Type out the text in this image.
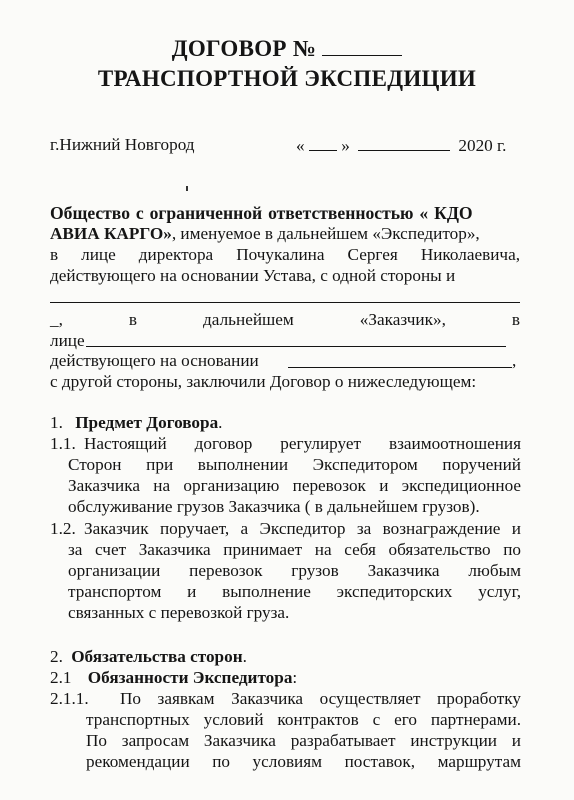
ДОГОВОР №
ТРАНСПОРТНОЙ ЭКСПЕДИЦИИ
г.Нижний Новгород	« »	2020 г.
Общество с ограниченной ответственностью « КДО
АВИА КАРГО», именуемое в дальнейшем «Экспедитор»,
в лице директора Почукалина Сергея Николаевича,
действующего на основании Устава, с одной стороны и
_, в дальнейшем «Заказчик», в
лице
действующего на основании	,
с другой стороны, заключили Договор о нижеследующем:
1. Предмет Договора.
1.1. Настоящий договор регулирует взаимоотношения
Сторон при выполнении Экспедитором поручений
Заказчика на организацию перевозок и экспедиционное
обслуживание грузов Заказчика ( в дальнейшем грузов).
1.2. Заказчик поручает, а Экспедитор за вознаграждение и
за счет Заказчика принимает на себя обязательство по
организации перевозок грузов Заказчика любым
транспортом и выполнение экспедиторских услуг,
связанных с перевозкой груза.
2. Обязательства сторон.
2.1 Обязанности Экспедитора:
2.1.1. По заявкам Заказчика осуществляет проработку
транспортных условий контрактов с его партнерами.
По запросам Заказчика разрабатывает инструкции и
рекомендации по условиям поставок, маршрутам
